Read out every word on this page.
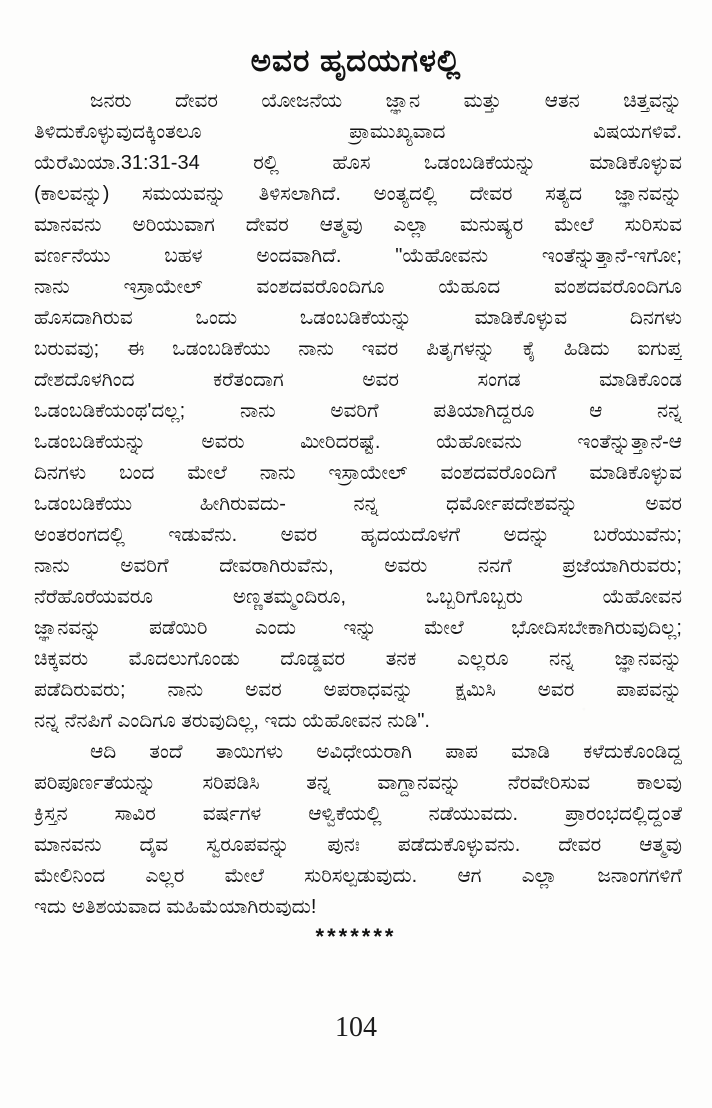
ಅವರ ಹೃದಯಗಳಲ್ಲಿ
ಜನರು ದೇವರ ಯೋಜನೆಯ ಜ್ಞಾನ ಮತ್ತು ಆತನ ಚಿತ್ತವನ್ನು
ತಿಳಿದುಕೊಳ್ಳುವುದಕ್ಕಿಂತಲೂ ಪ್ರಾಮುಖ್ಯವಾದ ವಿಷಯಗಳಿವೆ.
ಯೆರೆಮಿಯಾ.31:31-34 ರಲ್ಲಿ ಹೊಸ ಒಡಂಬಡಿಕೆಯನ್ನು ಮಾಡಿಕೊಳ್ಳುವ
(ಕಾಲವನ್ನು) ಸಮಯವನ್ನು ತಿಳಿಸಲಾಗಿದೆ. ಅಂತ್ಯದಲ್ಲಿ ದೇವರ ಸತ್ಯದ ಜ್ಞಾನವನ್ನು
ಮಾನವನು ಅರಿಯುವಾಗ ದೇವರ ಆತ್ಮವು ಎಲ್ಲಾ ಮನುಷ್ಯರ ಮೇಲೆ ಸುರಿಸುವ
ವರ್ಣನೆಯು ಬಹಳ ಅಂದವಾಗಿದೆ. "ಯೆಹೋವನು ಇಂತೆನ್ನುತ್ತಾನೆ-ಇಗೋ;
ನಾನು ಇಸ್ರಾಯೇಲ್ ವಂಶದವರೊಂದಿಗೂ ಯೆಹೂದ ವಂಶದವರೊಂದಿಗೂ
ಹೊಸದಾಗಿರುವ ಒಂದು ಒಡಂಬಡಿಕೆಯನ್ನು ಮಾಡಿಕೊಳ್ಳುವ ದಿನಗಳು
ಬರುವವು; ಈ ಒಡಂಬಡಿಕೆಯು ನಾನು ಇವರ ಪಿತೃಗಳನ್ನು ಕೈ ಹಿಡಿದು ಐಗುಪ್ತ
ದೇಶದೊಳಗಿಂದ ಕರೆತಂದಾಗ ಅವರ ಸಂಗಡ ಮಾಡಿಕೊಂಡ
ಒಡಂಬಡಿಕೆಯಂಥ'ದಲ್ಲ; ನಾನು ಅವರಿಗೆ ಪತಿಯಾಗಿದ್ದರೂ ಆ ನನ್ನ
ಒಡಂಬಡಿಕೆಯನ್ನು ಅವರು ಮೀರಿದರಷ್ಟೆ. ಯೆಹೋವನು ಇಂತೆನ್ನುತ್ತಾನೆ-ಆ
ದಿನಗಳು ಬಂದ ಮೇಲೆ ನಾನು ಇಸ್ರಾಯೇಲ್ ವಂಶದವರೊಂದಿಗೆ ಮಾಡಿಕೊಳ್ಳುವ
ಒಡಂಬಡಿಕೆಯು ಹೀಗಿರುವದು- ನನ್ನ ಧರ್ಮೋಪದೇಶವನ್ನು ಅವರ
ಅಂತರಂಗದಲ್ಲಿ ಇಡುವೆನು. ಅವರ ಹೃದಯದೊಳಗೆ ಅದನ್ನು ಬರೆಯುವೆನು;
ನಾನು ಅವರಿಗೆ ದೇವರಾಗಿರುವೆನು, ಅವರು ನನಗೆ ಪ್ರಜೆಯಾಗಿರುವರು;
ನೆರೆಹೊರೆಯವರೂ ಅಣ್ಣತಮ್ಮಂದಿರೂ, ಒಬ್ಬರಿಗೊಬ್ಬರು ಯೆಹೋವನ
ಜ್ಞಾನವನ್ನು ಪಡೆಯಿರಿ ಎಂದು ಇನ್ನು ಮೇಲೆ ಭೋದಿಸಬೇಕಾಗಿರುವುದಿಲ್ಲ;
ಚಿಕ್ಕವರು ಮೊದಲುಗೊಂಡು ದೊಡ್ಡವರ ತನಕ ಎಲ್ಲರೂ ನನ್ನ ಜ್ಞಾನವನ್ನು
ಪಡೆದಿರುವರು; ನಾನು ಅವರ ಅಪರಾಧವನ್ನು ಕ್ಷಮಿಸಿ ಅವರ ಪಾಪವನ್ನು
ನನ್ನ ನೆನಪಿಗೆ ಎಂದಿಗೂ ತರುವುದಿಲ್ಲ, ಇದು ಯೆಹೋವನ ನುಡಿ".
ಆದಿ ತಂದೆ ತಾಯಿಗಳು ಅವಿಧೇಯರಾಗಿ ಪಾಪ ಮಾಡಿ ಕಳೆದುಕೊಂಡಿದ್ದ
ಪರಿಪೂರ್ಣತೆಯನ್ನು ಸರಿಪಡಿಸಿ ತನ್ನ ವಾಗ್ದಾನವನ್ನು ನೆರವೇರಿಸುವ ಕಾಲವು
ಕ್ರಿಸ್ತನ ಸಾವಿರ ವರ್ಷಗಳ ಆಳ್ವಿಕೆಯಲ್ಲಿ ನಡೆಯುವದು. ಪ್ರಾರಂಭದಲ್ಲಿದ್ದಂತೆ
ಮಾನವನು ದೈವ ಸ್ವರೂಪವನ್ನು ಪುನಃ ಪಡೆದುಕೊಳ್ಳುವನು. ದೇವರ ಆತ್ಮವು
ಮೇಲಿನಿಂದ ಎಲ್ಲರ ಮೇಲೆ ಸುರಿಸಲ್ಪಡುವುದು. ಆಗ ಎಲ್ಲಾ ಜನಾಂಗಗಳಿಗೆ
ಇದು ಅತಿಶಯವಾದ ಮಹಿಮೆಯಾಗಿರುವುದು!
*******
104
